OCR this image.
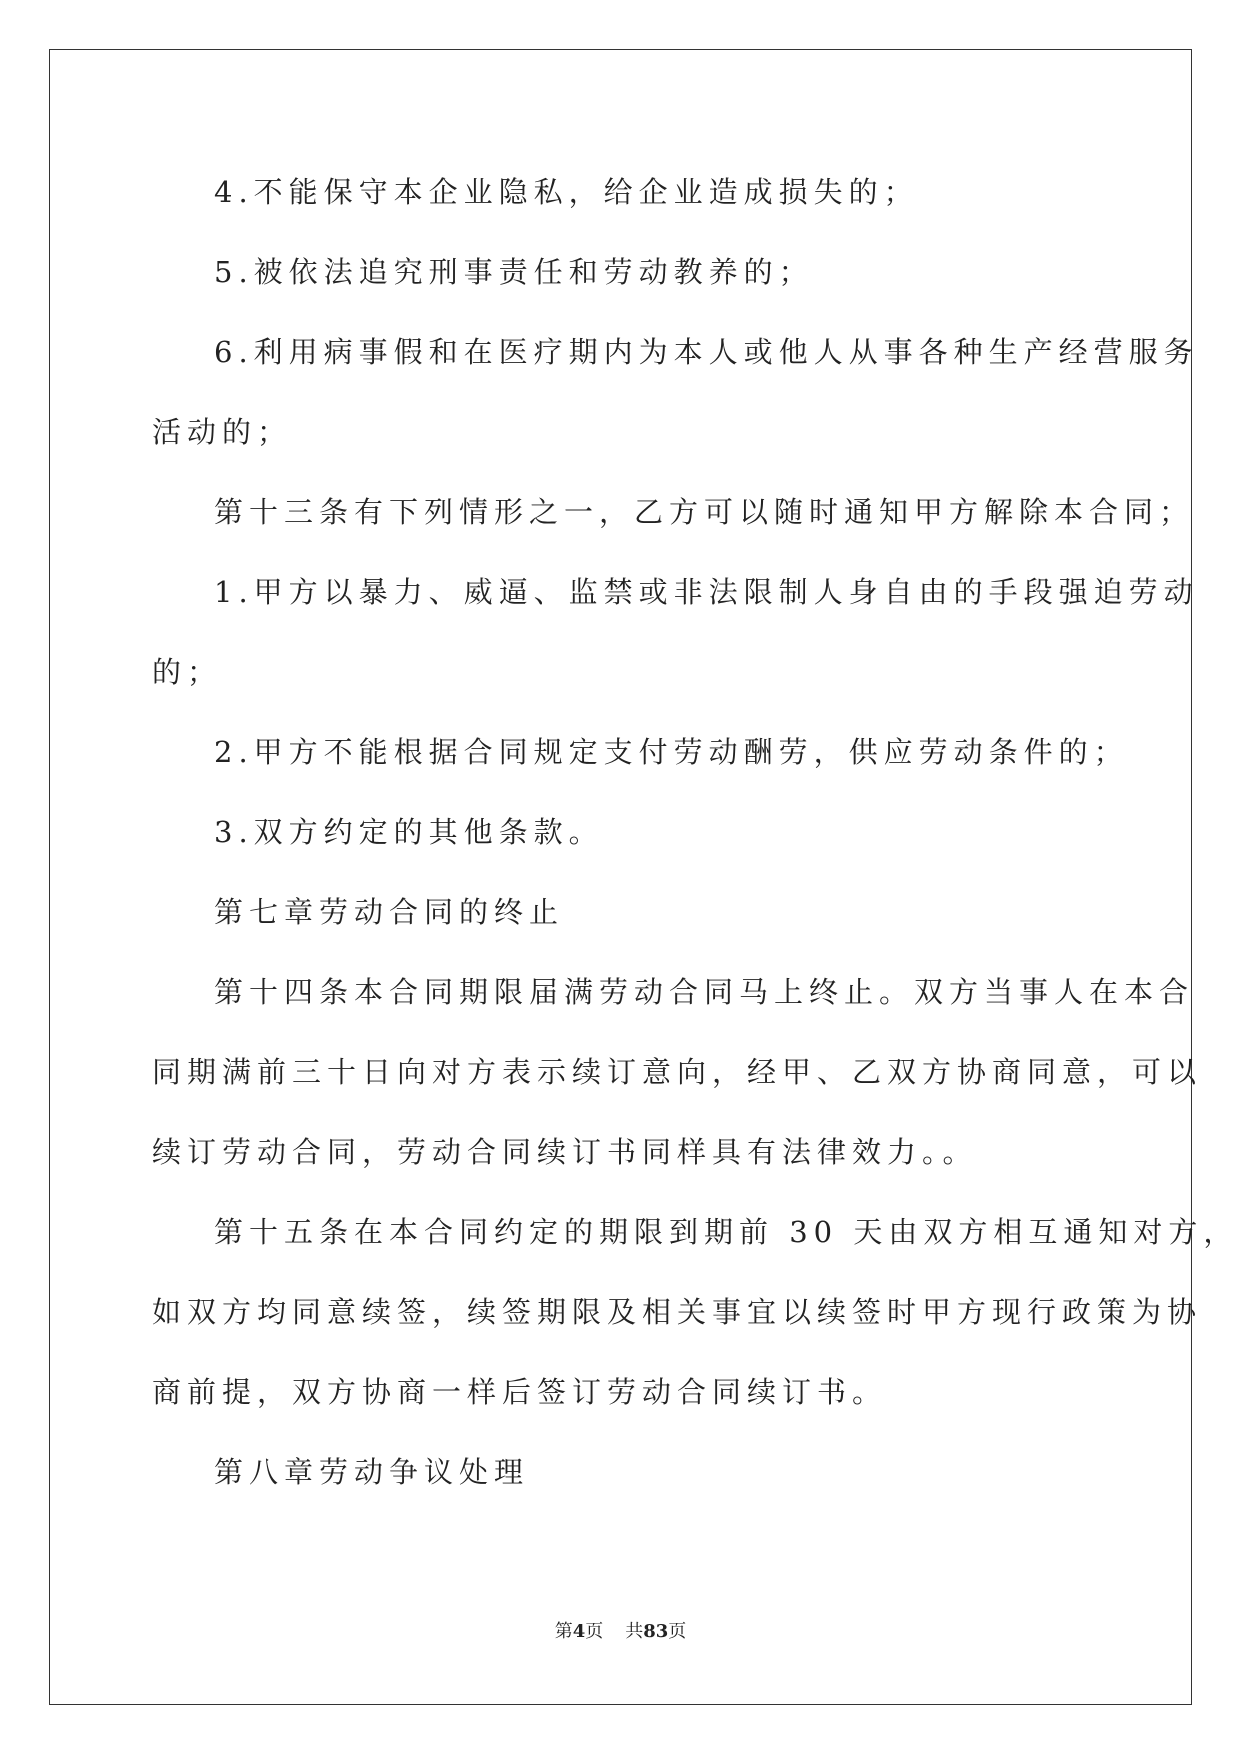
4.不能保守本企业隐私，给企业造成损失的；
5.被依法追究刑事责任和劳动教养的；
6.利用病事假和在医疗期内为本人或他人从事各种生产经营服务
活动的；
第十三条有下列情形之一，乙方可以随时通知甲方解除本合同；
1.甲方以暴力、威逼、监禁或非法限制人身自由的手段强迫劳动
的；
2.甲方不能根据合同规定支付劳动酬劳，供应劳动条件的；
3.双方约定的其他条款。
第七章劳动合同的终止
第十四条本合同期限届满劳动合同马上终止。双方当事人在本合
同期满前三十日向对方表示续订意向，经甲、乙双方协商同意，可以
续订劳动合同，劳动合同续订书同样具有法律效力。。
第十五条在本合同约定的期限到期前 30 天由双方相互通知对方，
如双方均同意续签，续签期限及相关事宜以续签时甲方现行政策为协
商前提，双方协商一样后签订劳动合同续订书。
第八章劳动争议处理
第4页 共83页
